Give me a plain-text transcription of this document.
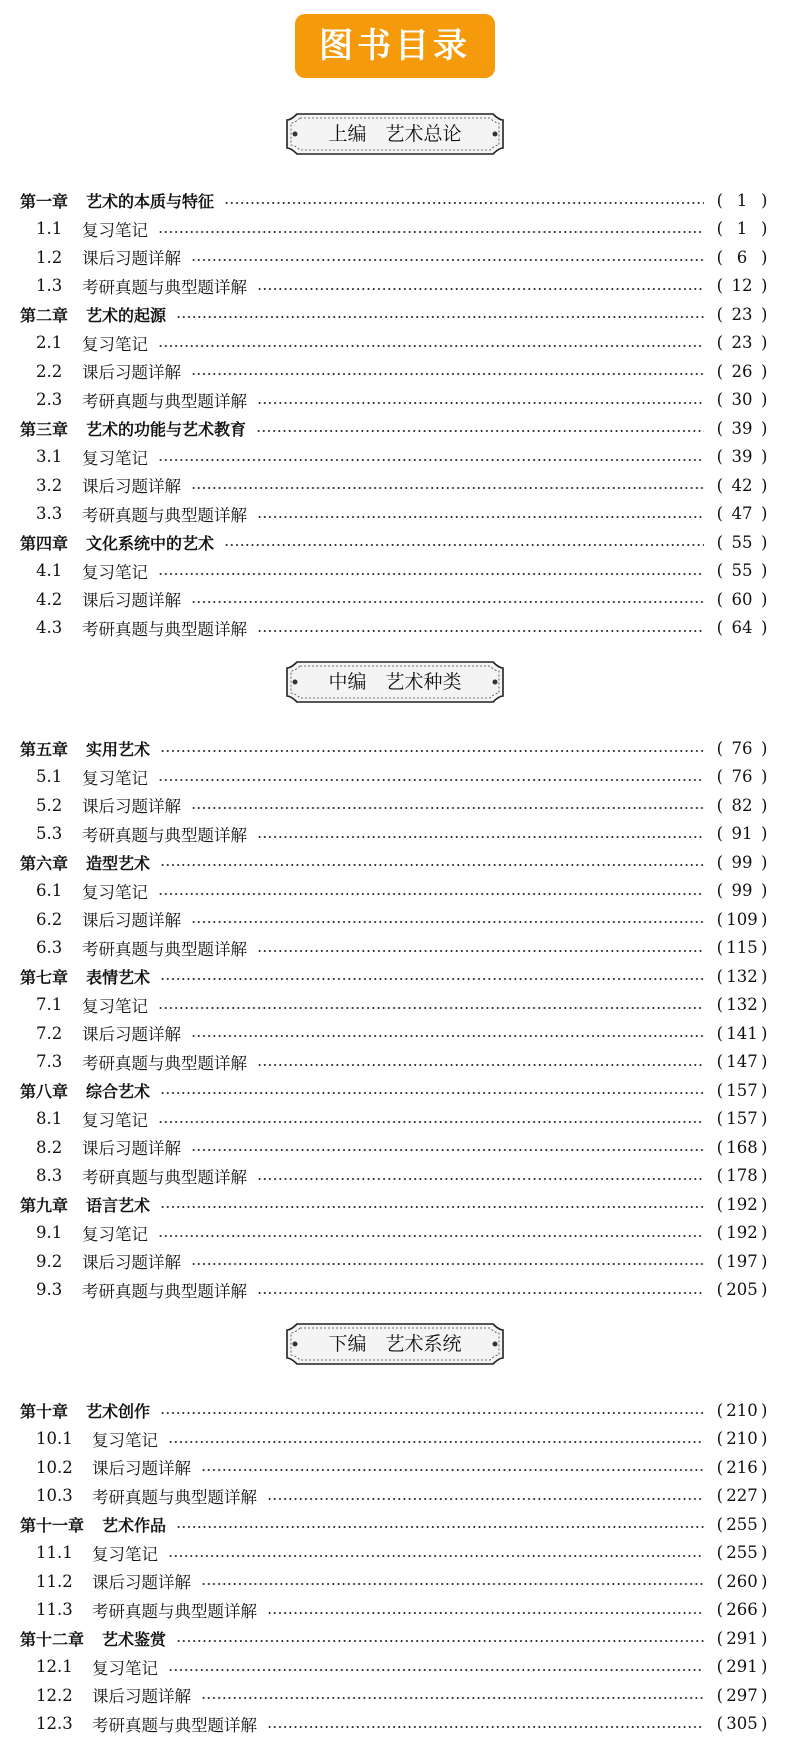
图书目录
上编　艺术总论
第一章 艺术的本质与特征	( 1 )
1.1	复习笔记	( 1 )
1.2	课后习题详解	( 6 )
1.3	考研真题与典型题详解	( 12 )
第二章 艺术的起源	( 23 )
2.1	复习笔记	( 23 )
2.2	课后习题详解	( 26 )
2.3	考研真题与典型题详解	( 30 )
第三章 艺术的功能与艺术教育	( 39 )
3.1	复习笔记	( 39 )
3.2	课后习题详解	( 42 )
3.3	考研真题与典型题详解	( 47 )
第四章 文化系统中的艺术	( 55 )
4.1	复习笔记	( 55 )
4.2	课后习题详解	( 60 )
4.3	考研真题与典型题详解	( 64 )
中编　艺术种类
第五章 实用艺术	( 76 )
5.1	复习笔记	( 76 )
5.2	课后习题详解	( 82 )
5.3	考研真题与典型题详解	( 91 )
第六章 造型艺术	( 99 )
6.1	复习笔记	( 99 )
6.2	课后习题详解	( 109 )
6.3	考研真题与典型题详解	( 115 )
第七章 表情艺术	( 132 )
7.1	复习笔记	( 132 )
7.2	课后习题详解	( 141 )
7.3	考研真题与典型题详解	( 147 )
第八章 综合艺术	( 157 )
8.1	复习笔记	( 157 )
8.2	课后习题详解	( 168 )
8.3	考研真题与典型题详解	( 178 )
第九章 语言艺术	( 192 )
9.1	复习笔记	( 192 )
9.2	课后习题详解	( 197 )
9.3	考研真题与典型题详解	( 205 )
下编　艺术系统
第十章 艺术创作	( 210 )
10.1	复习笔记	( 210 )
10.2	课后习题详解	( 216 )
10.3	考研真题与典型题详解	( 227 )
第十一章 艺术作品	( 255 )
11.1	复习笔记	( 255 )
11.2	课后习题详解	( 260 )
11.3	考研真题与典型题详解	( 266 )
第十二章 艺术鉴赏	( 291 )
12.1	复习笔记	( 291 )
12.2	课后习题详解	( 297 )
12.3	考研真题与典型题详解	( 305 )
